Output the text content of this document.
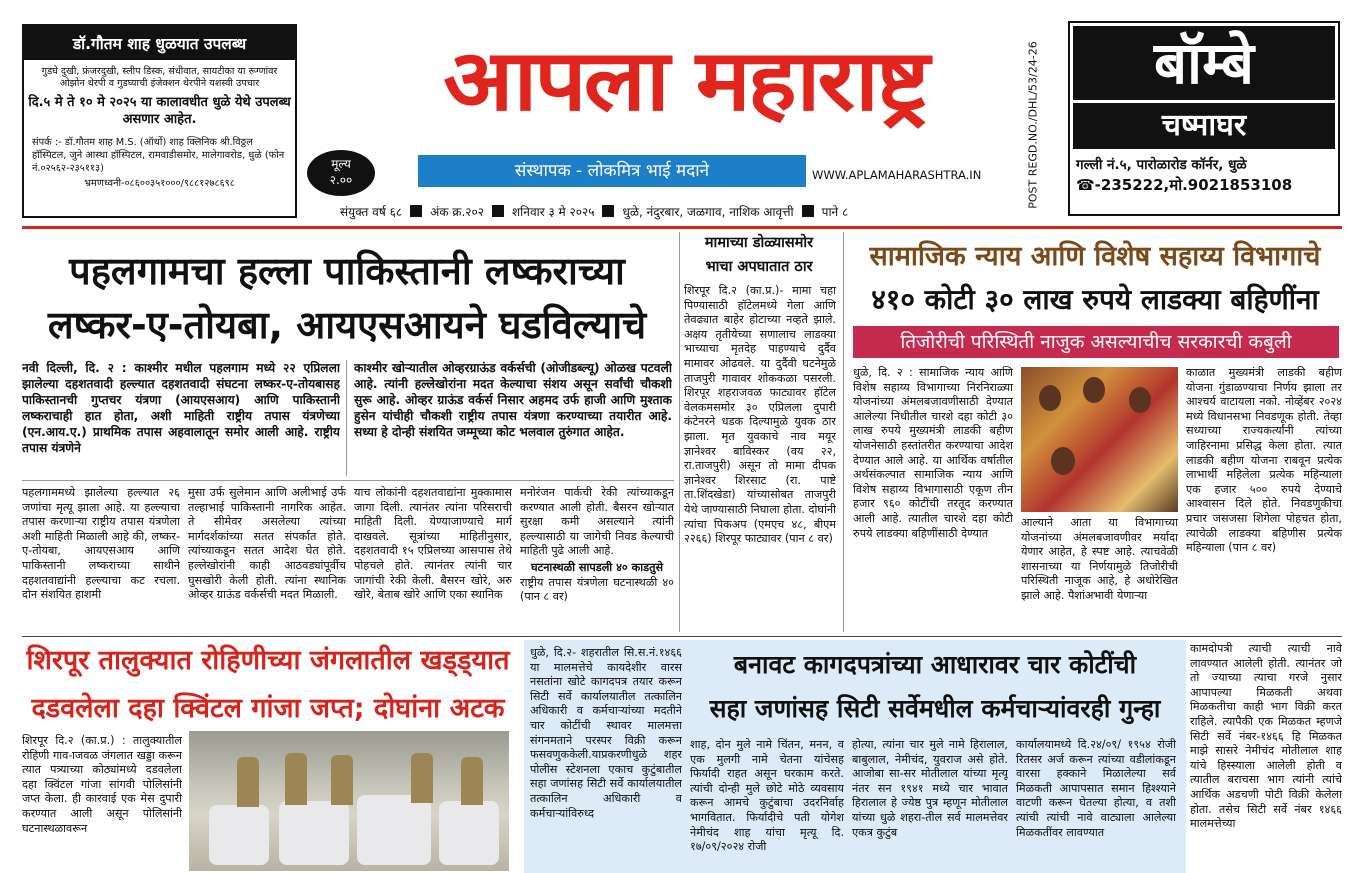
डॉ.गौतम शाह धुळयात उपलब्ध
गुडघे दुखी, फ्रंजरदुखी, स्लीप डिस्क, संधीवात, सायटीका या रूग्णांवर ओझोन थेरपी व गुडघ्याची इंजेक्शन थेरपीने यशस्वी उपचार
दि.५ मे ते १० मे २०२५ या कालावधीत धुळे येथे उपलब्ध असणार आहेत.
संपर्क :- डॉ.गौतम शाह M.S. (ऑर्थो) शाह क्लिनिक श्री.विठ्ठल हॉस्पिटल, जुने आस्था हॉस्पिटल, रामवाडीसमोर, मालेगावरोड, धुळे (फोन नं.०२५६२-२३५११३)
भ्रमणध्वनी-०८६००३५१०००/९८८१२७८६९८
आपला महाराष्ट्र
मूल्य
२.००	संस्थापक - लोकमित्र भाई मदाने	WWW.APLAMAHARASHTRA.IN
संयुक्त वर्ष ६८ अंक क्र.२०२ शनिवार ३ मे २०२५ धुळे, नंदुरबार, जळगाव, नाशिक आवृत्ती पाने ८
POST REGD.NO./DHL/53/24-26	बॉम्बे
चष्माघर
गल्ली नं.५, पारोळारोड कॉर्नर, धुळे
☎-235222,मो.9021853108
पहलगामचा हल्ला पाकिस्तानी लष्कराच्या
लष्कर-ए-तोयबा, आयएसआयने घडविल्याचे
नवी दिल्ली, दि. २ : काश्मीर मधील पहलगाम मध्ये २२ एप्रिलला झालेल्या दहशतवादी हल्ल्यात दहशतवादी संघटना लष्कर-ए-तोयबासह पाकिस्तानची गुप्तचर यंत्रणा (आयएसआय) आणि पाकिस्तानी लष्कराचाही हात होता, अशी माहिती राष्ट्रीय तपास यंत्रणेच्या (एन.आय.ए.) प्राथमिक तपास अहवालातून समोर आली आहे. राष्ट्रीय तपास यंत्रणेने
काश्मीर खोऱ्यातील ओव्हरग्राऊंड वर्कर्सची (ओजीडब्ल्यू) ओळख पटवली आहे. त्यांनी हल्लेखोरांना मदत केल्याचा संशय असून सर्वांची चौकशी सुरू आहे. ओव्हर ग्राऊंड वर्कर्स निसार अहमद उर्फ हाजी आणि मुश्ताक हुसेन यांचीही चौकशी राष्ट्रीय तपास यंत्रणा करण्याच्या तयारीत आहे. सध्या हे दोन्ही संशयित जम्मूच्या कोट भलवाल तुरुंगात आहेत.
पहलगाममध्ये झालेल्या हल्ल्यात २६ जणांचा मृत्यू झाला आहे. या हल्ल्याचा तपास करणाऱ्या राष्ट्रीय तपास यंत्रणेला अशी माहिती मिळाली आहे की, लष्कर-ए-तोयबा, आयएसआय आणि पाकिस्तानी लष्कराच्या साथीने दहशतवाद्यांनी हल्ल्याचा कट रचला. दोन संशयित हाशमी
मुसा उर्फ सुलेमान आणि अलीभाई उर्फ तल्हाभाई पाकिस्तानी नागरिक आहेत. ते सीमेवर असलेल्या त्यांच्या मार्गदर्शकांच्या सतत संपर्कात होते. त्यांच्याकडून सतत आदेश घेत होते. हल्लेखोरांनी काही आठवड्यांपूर्वीच घुसखोरी केली होती. त्यांना स्थानिक ओव्हर ग्राऊंड वर्कर्सची मदत मिळाली.
याच लोकांनी दहशतवाद्यांना मुक्कामास जागा दिली. त्यानंतर त्यांना परिसराची माहिती दिली. येण्याजाण्याचे मार्ग दाखवले. सूत्रांच्या माहितीनुसार, दहशतवादी १५ एप्रिलच्या आसपास तेथे पोहचले होते. त्यानंतर त्यांनी चार जागांची रेकी केली. बैसरन खोरे, अरु खोरे, बेताब खोरे आणि एका स्थानिक
मनोरंजन पार्कची रेकी त्यांच्याकडून करण्यात आली होती. बैसरन खोऱ्यात सुरक्षा कमी असल्याने त्यांनी हल्ल्यासाठी या जागेची निवड केल्याची माहिती पुढे आली आहे.
घटनास्थळी सापडली ४० काडतुसे
राष्ट्रीय तपास यंत्रणेला घटनास्थळी ४० (पान ८ वर)
मामाच्या डोळ्यासमोर
भाचा अपघातात ठार
शिरपूर दि.२ (का.प्र.)- मामा चहा पिण्यासाठी हॉटेलमध्ये गेला आणि तेवढ्यात बाहेर होटाच्या नव्हते झाले. अक्षय तृतीयेच्या सणालाच लाडक्या भाच्याचा मृतदेह पाहण्याचे दुर्दैव मामावर ओढवले. या दुर्दैवी घटनेमुळे ताजपुरी गावावर शोककळा पसरली. शिरपूर शहराजवळ फाट्यावर हॉटेल वेलकमसमोर ३० एप्रिलला दुपारी कंटेनरने धडक दिल्यामुळे युवक ठार झाला. मृत युवकाचे नाव मयूर ज्ञानेश्वर बाविस्कर (वय २२, रा.ताजपुरी) असून तो मामा दीपक ज्ञानेश्वर शिरसाट (रा. पाष्टे ता.शिंदखेडा) यांच्यासोबत ताजपुरी येथे जाण्यासाठी निघाला होता. दोघांनी त्यांचा पिकअप (एमएच ४८, बीएम २२६६) शिरपूर फाट्यावर (पान ८ वर)
सामाजिक न्याय आणि विशेष सहाय्य विभागाचे
४१० कोटी ३० लाख रुपये लाडक्या बहिणींना
तिजोरीची परिस्थिती नाजुक असल्याचीच सरकारची कबुली
धुळे, दि. २ : सामाजिक न्याय आणि विशेष सहाय्य विभागाच्या निरनिराळ्या योजनांच्या अंमलबजावणीसाठी देण्यात आलेल्या निधीतील चारशे दहा कोटी ३० लाख रुपये मुख्यमंत्री लाडकी बहीण योजनेसाठी हस्तांतरीत करण्याचा आदेश देण्यात आले आहे. या आर्थिक वर्षातील अर्थसंकल्पात सामाजिक न्याय आणि विशेष सहाय्य विभागासाठी एकूण तीन हजार ९६० कोटींची तरतूद करण्यात आली आहे. त्यातील चारशे दहा कोटी रुपये लाडक्या बहिणींसाठी देण्यात
आल्याने आता या विभागाच्या योजनांच्या अंमलबजावणीवर मर्यादा येणार आहेत, हे स्पष्ट आहे. त्याचवेळी शासनाच्या या निर्णयामुळे तिजोरीची परिस्थिती नाजूक आहे, हे अधोरेखित झाले आहे. पैशांअभावी येणाऱ्या
काळात मुख्यमंत्री लाडकी बहीण योजना गुंडाळण्याचा निर्णय झाला तर आश्चर्य वाटायला नको. नोव्हेंबर २०२४ मध्ये विधानसभा निवडणूक होती. तेव्हा सध्याच्या राज्यकर्त्यांनी त्यांच्या जाहिरनामा प्रसिद्ध केला होता. त्यात लाडकी बहीण योजना राबवून प्रत्येक लाभार्थी महिलेला प्रत्येक महिन्याला एक हजार ५०० रुपये देण्याचे आश्वासन दिले होते. निवडणुकीचा प्रचार जसजसा शिगेला पोहचत होता, त्याचेळी लाडक्या बहिणीस प्रत्येक महिन्याला (पान ८ वर)
शिरपूर तालुक्यात रोहिणीच्या जंगलातील खड्ड्यात
दडवलेला दहा क्विंटल गांजा जप्त; दोघांना अटक
शिरपूर दि.२ (का.प्र.) : तालुक्यातील रोहिणी गाव-ाजवळ जंगलात खड्डा करून त्यात पत्र्याच्या कोठ्यांमध्ये दडवलेला दहा क्विंटल गांजा सांगवी पोलिसांनी जप्त केला. ही कारवाई एक मेस दुपारी करण्यात आली असून पोलिसांनी घटनास्थळावरून
धुळे, दि.२- शहरातील सि.स.नं.१४६६ या मालमत्तेचे कायदेशीर वारस नसतांना खोटे कागदपत्र तयार करून सिटी सर्वे कार्यालयातील तत्कालिन अधिकारी व कर्मचाऱ्यांच्या मदतीने चार कोटींची स्थावर मालमत्ता संगनमताने परस्पर विक्री करून फसवणुककेली.याप्रकरणीधुळे शहर पोलीस स्टेशनला एकाच कुटुंबातील सहा जणांसह सिटी सर्वे कार्यालयातील तत्कालिन अधिकारी व कर्मचाऱ्यांविरुध्द
बनावट कागदपत्रांच्या आधारावर चार कोटींची
सहा जणांसह सिटी सर्वेमधील कर्मचाऱ्यांवरही गुन्हा
शाह, दोन मुले नामे चिंतन, मनन, व एक मुलगी नामे चेतना यांचेसह फिर्यादी राहत असून घरकाम करते. त्यांची दोन्ही मुले छोटे मोठे व्यवसाय करून आमचे कुटुंबाचा उदरनिर्वाह भागवितात. फिर्यादीचे पती योगेश नेमीचंद शाह यांचा मृत्यू दि. १७/०९/२०२४ रोजी
होत्या, त्यांना चार मुले नामे हिरालाल, बाबुलाल, नेमीचंद, युवराज असे होते. आजोबा सा-सर मोतीलाल यांच्या मृत्यू नंतर सन १९४१ मध्ये चार भावात हिरालाल हे ज्येष्ठ पुत्र म्हणून मोतीलाल यांच्या धुळे शहरा-तील सर्व मालमत्तेवर एकत्र कुटुंब
कार्यालयामध्ये दि.२४/०९/ १९५४ रोजी रितसर अर्ज करून त्यांच्या वडीलांकडून वारसा हक्काने मिळालेल्या सर्व मिळकती आपापसात समान हिश्श्याने वाटणी करून घेतल्या होत्या, व तशी त्यांची त्यांची नावे वाट्याला आलेल्या मिळकतींवर लावण्यात
कामदोपत्री त्याची त्याची नावे लावण्यात आलेली होती. त्यानंतर जो तो ज्याच्या त्याचा गरजे नुसार आपापल्या मिळकती अथवा मिळकतीचा काही भाग विक्री करत राहिले. त्यापैकी एक मिळकत म्हणजे सिटी सर्वे नंबर-१४६६ हि मिळकत माझे सासरे नेमीचंद मोतीलाल शाह यांचे हिस्स्याला आलेली होती व त्यातील बराचसा भाग त्यांनी त्यांचे आर्थिक अडचणी पोटी विक्री केलेला होता. तसेच सिटी सर्वे नंबर १४६६ मालमत्तेच्या
